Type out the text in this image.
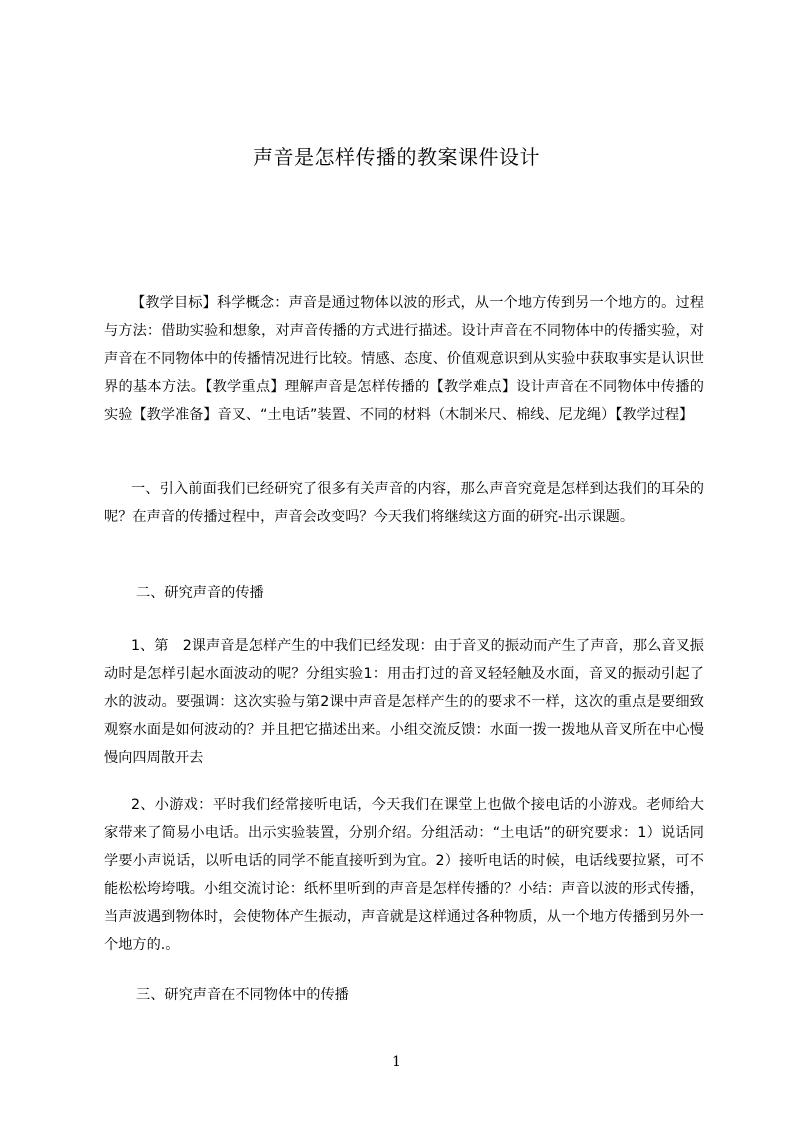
声音是怎样传播的教案课件设计

【教学目标】科学概念：声音是通过物体以波的形式，从一个地方传到另一个地方的。过程与方法：借助实验和想象，对声音传播的方式进行描述。设计声音在不同物体中的传播实验，对声音在不同物体中的传播情况进行比较。情感、态度、价值观意识到从实验中获取事实是认识世界的基本方法。【教学重点】理解声音是怎样传播的【教学难点】设计声音在不同物体中传播的实验【教学准备】音叉、“土电话”装置、不同的材料（木制米尺、棉线、尼龙绳）【教学过程】

一、引入前面我们已经研究了很多有关声音的内容，那么声音究竟是怎样到达我们的耳朵的呢？在声音的传播过程中，声音会改变吗？今天我们将继续这方面的研究-出示课题。

二、研究声音的传播

1、第　2课声音是怎样产生的中我们已经发现：由于音叉的振动而产生了声音，那么音叉振动时是怎样引起水面波动的呢？分组实验1：用击打过的音叉轻轻触及水面，音叉的振动引起了水的波动。要强调：这次实验与第2课中声音是怎样产生的的要求不一样，这次的重点是要细致观察水面是如何波动的？并且把它描述出来。小组交流反馈：水面一拨一拨地从音叉所在中心慢慢向四周散开去

2、小游戏：平时我们经常接听电话，今天我们在课堂上也做个接电话的小游戏。老师给大家带来了简易小电话。出示实验装置，分别介绍。分组活动：“土电话”的研究要求：1）说话同学要小声说话，以听电话的同学不能直接听到为宜。2）接听电话的时候，电话线要拉紧，可不能松松垮垮哦。小组交流讨论：纸杯里听到的声音是怎样传播的？小结：声音以波的形式传播，当声波遇到物体时，会使物体产生振动，声音就是这样通过各种物质，从一个地方传播到另外一个地方的.。

三、研究声音在不同物体中的传播

1
